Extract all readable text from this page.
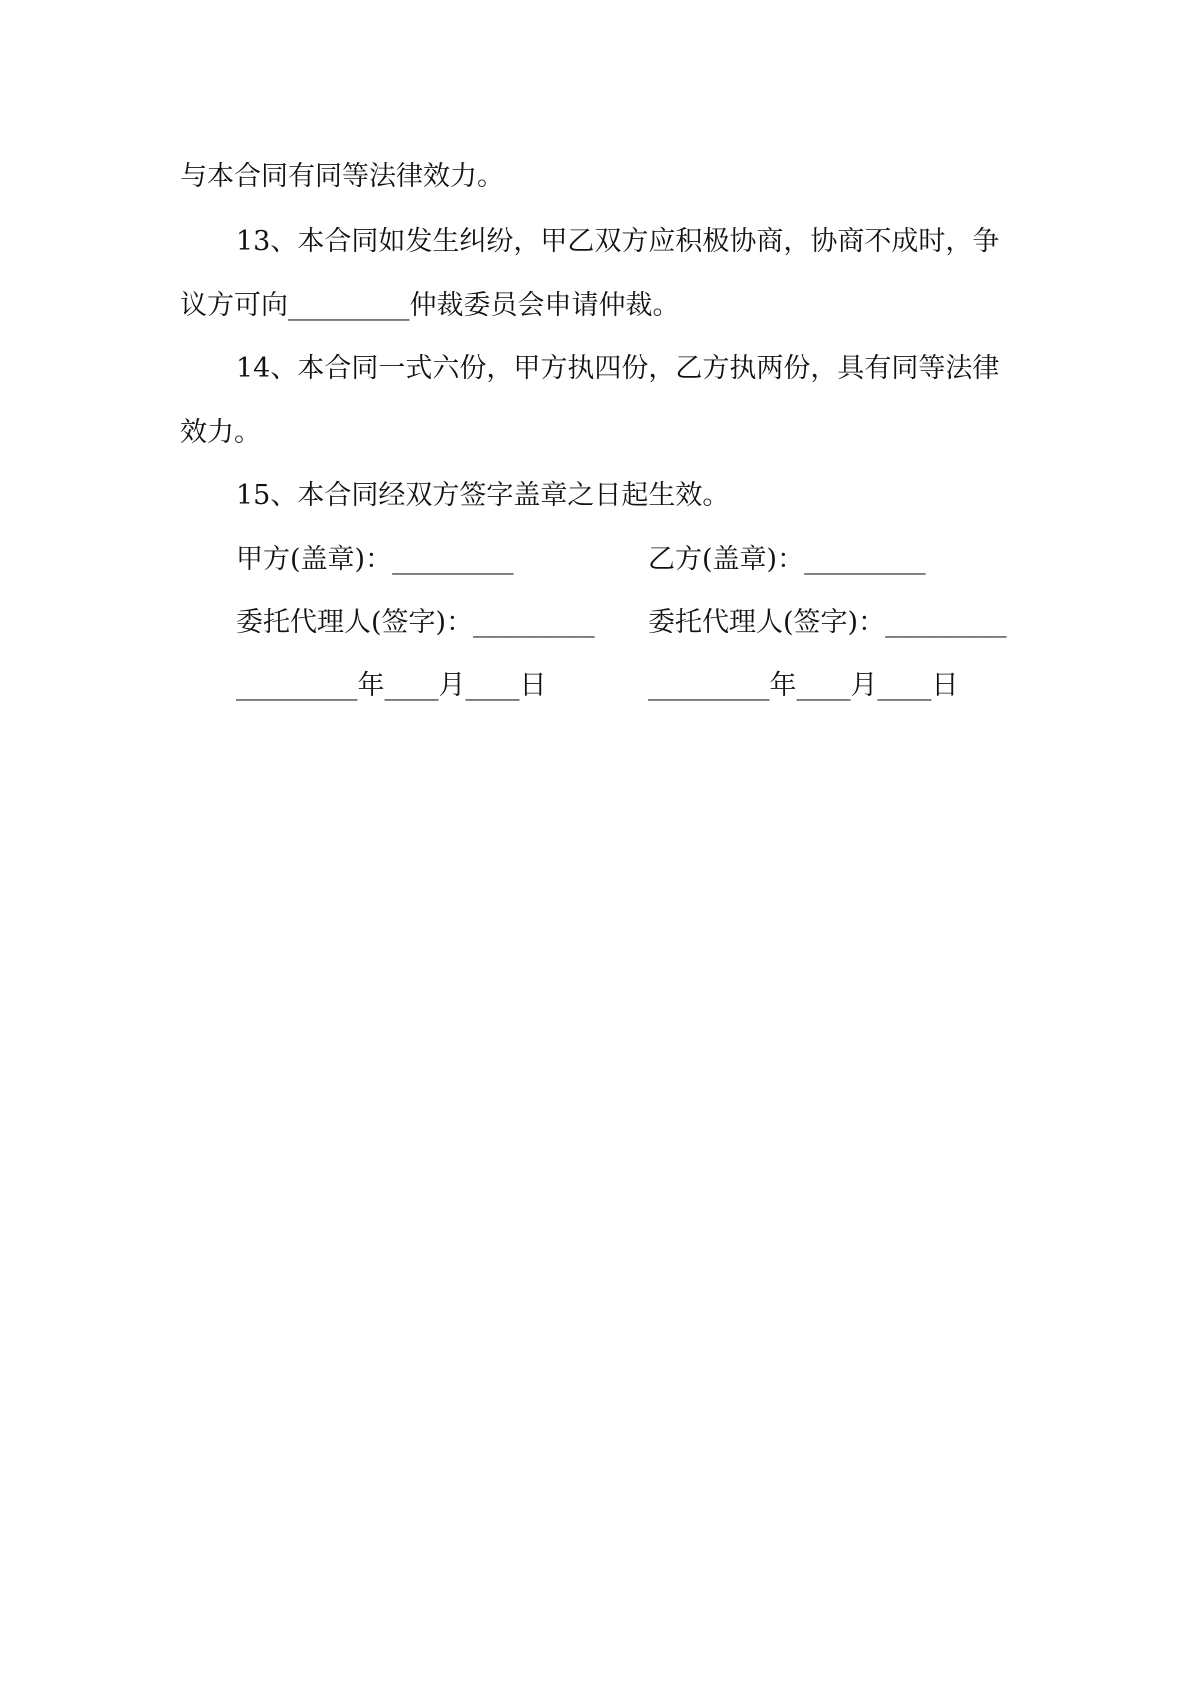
与本合同有同等法律效力。
13、本合同如发生纠纷，甲乙双方应积极协商，协商不成时，争
议方可向_________仲裁委员会申请仲裁。
14、本合同一式六份，甲方执四份，乙方执两份，具有同等法律
效力。
15、本合同经双方签字盖章之日起生效。
甲方(盖章)：_________	乙方(盖章)：_________
委托代理人(签字)：_________ 委托代理人(签字)：_________
_________年____月____日	_________年____月____日
